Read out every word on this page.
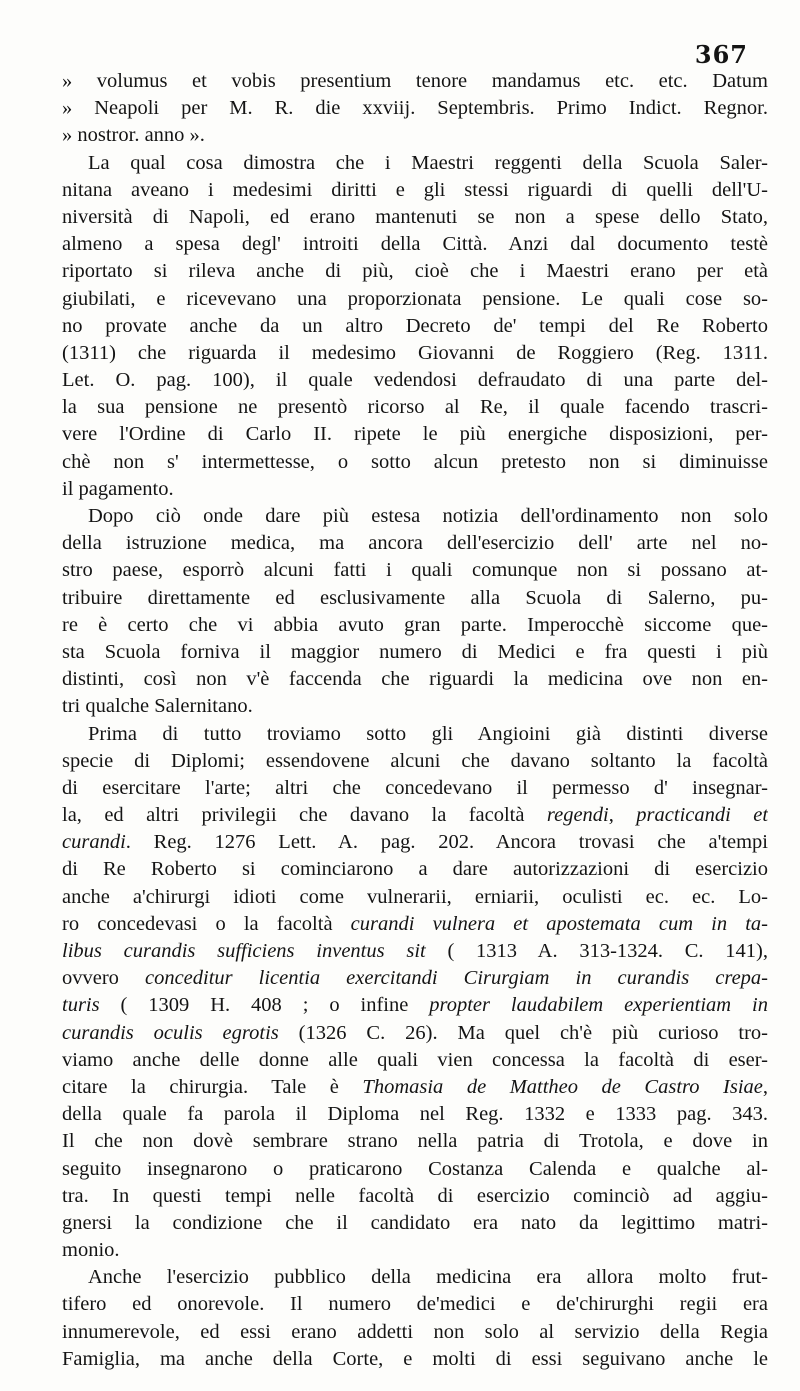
367
» volumus et vobis presentium tenore mandamus etc. etc. Datum
» Neapoli per M. R. die xxviij. Septembris. Primo Indict. Regnor.
» nostror. anno ».
La qual cosa dimostra che i Maestri reggenti della Scuola Saler-
nitana aveano i medesimi diritti e gli stessi riguardi di quelli dell'U-
niversità di Napoli, ed erano mantenuti se non a spese dello Stato,
almeno a spesa degl' introiti della Città. Anzi dal documento testè
riportato si rileva anche di più, cioè che i Maestri erano per età
giubilati, e ricevevano una proporzionata pensione. Le quali cose so-
no provate anche da un altro Decreto de' tempi del Re Roberto
(1311) che riguarda il medesimo Giovanni de Roggiero (Reg. 1311.
Let. O. pag. 100), il quale vedendosi defraudato di una parte del-
la sua pensione ne presentò ricorso al Re, il quale facendo trascri-
vere l'Ordine di Carlo II. ripete le più energiche disposizioni, per-
chè non s' intermettesse, o sotto alcun pretesto non si diminuisse
il pagamento.
Dopo ciò onde dare più estesa notizia dell'ordinamento non solo
della istruzione medica, ma ancora dell'esercizio dell' arte nel no-
stro paese, esporrò alcuni fatti i quali comunque non si possano at-
tribuire direttamente ed esclusivamente alla Scuola di Salerno, pu-
re è certo che vi abbia avuto gran parte. Imperocchè siccome que-
sta Scuola forniva il maggior numero di Medici e fra questi i più
distinti, così non v'è faccenda che riguardi la medicina ove non en-
tri qualche Salernitano.
Prima di tutto troviamo sotto gli Angioini già distinti diverse
specie di Diplomi; essendovene alcuni che davano soltanto la facoltà
di esercitare l'arte; altri che concedevano il permesso d' insegnar-
la, ed altri privilegii che davano la facoltà regendi, practicandi et
curandi. Reg. 1276 Lett. A. pag. 202. Ancora trovasi che a'tempi
di Re Roberto si cominciarono a dare autorizzazioni di esercizio
anche a'chirurgi idioti come vulnerarii, erniarii, oculisti ec. ec. Lo-
ro concedevasi o la facoltà curandi vulnera et apostemata cum in ta-
libus curandis sufficiens inventus sit ( 1313 A. 313-1324. C. 141),
ovvero conceditur licentia exercitandi Cirurgiam in curandis crepa-
turis ( 1309 H. 408 ; o infine propter laudabilem experientiam in
curandis oculis egrotis (1326 C. 26). Ma quel ch'è più curioso tro-
viamo anche delle donne alle quali vien concessa la facoltà di eser-
citare la chirurgia. Tale è Thomasia de Mattheo de Castro Isiae,
della quale fa parola il Diploma nel Reg. 1332 e 1333 pag. 343.
Il che non dovè sembrare strano nella patria di Trotola, e dove in
seguito insegnarono o praticarono Costanza Calenda e qualche al-
tra. In questi tempi nelle facoltà di esercizio cominciò ad aggiu-
gnersi la condizione che il candidato era nato da legittimo matri-
monio.
Anche l'esercizio pubblico della medicina era allora molto frut-
tifero ed onorevole. Il numero de'medici e de'chirurghi regii era
innumerevole, ed essi erano addetti non solo al servizio della Regia
Famiglia, ma anche della Corte, e molti di essi seguivano anche le
